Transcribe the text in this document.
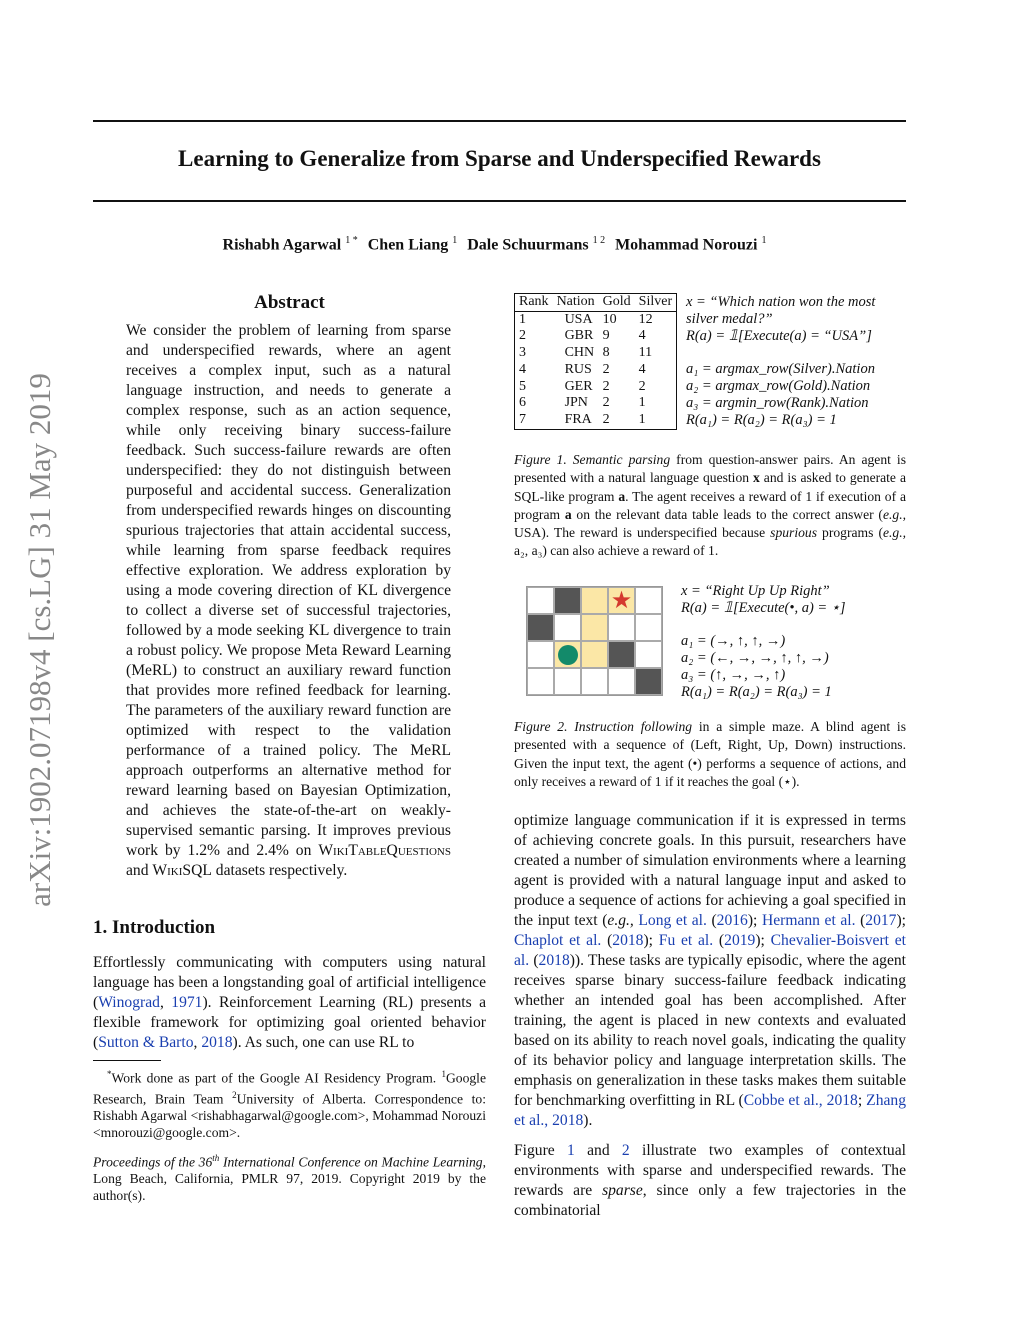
arXiv:1902.07198v4 [cs.LG] 31 May 2019
Learning to Generalize from Sparse and Underspecified Rewards
Rishabh Agarwal $^{1 *}$ Chen Liang $^1$ Dale Schuurmans $^{1 2}$ Mohammad Norouzi $^1$
Abstract
We consider the problem of learning from sparse and underspecified rewards, where an agent receives a complex input, such as a natural language instruction, and needs to generate a complex response, such as an action sequence, while only receiving binary success-failure feedback. Such success-failure rewards are often underspecified: they do not distinguish between purposeful and accidental success. Generalization from underspecified rewards hinges on discounting spurious trajectories that attain accidental success, while learning from sparse feedback requires effective exploration. We address exploration by using a mode covering direction of KL divergence to collect a diverse set of successful trajectories, followed by a mode seeking KL divergence to train a robust policy. We propose Meta Reward Learning (MeRL) to construct an auxiliary reward function that provides more refined feedback for learning. The parameters of the auxiliary reward function are optimized with respect to the validation performance of a trained policy. The MeRL approach outperforms an alternative method for reward learning based on Bayesian Optimization, and achieves the state-of-the-art on weakly-supervised semantic parsing. It improves previous work by 1.2% and 2.4% on WikiTableQuestions and WikiSQL datasets respectively.
1. Introduction
Effortlessly communicating with computers using natural language has been a longstanding goal of artificial intelligence (Winograd, 1971). Reinforcement Learning (RL) presents a flexible framework for optimizing goal oriented behavior (Sutton & Barto, 2018). As such, one can use RL to
*Work done as part of the Google AI Residency Program. $^1$Google Research, Brain Team $^2$University of Alberta. Correspondence to: Rishabh Agarwal <rishabhagarwal@google.com>, Mohammad Norouzi <mnorouzi@google.com>.
Proceedings of the 36th International Conference on Machine Learning, Long Beach, California, PMLR 97, 2019. Copyright 2019 by the author(s).
Rank	Nation	Gold	Silver
1	USA	10	12
2	GBR	9	4
3	CHN	8	11
4	RUS	2	4
5	GER	2	2
6	JPN	2	1
7	FRA	2	1
x = “Which nation won the most
silver medal?”
R(a) = 𝟙[Execute(a) = “USA”]

a₁ = argmax_row(Silver).Nation
a₂ = argmax_row(Gold).Nation
a₃ = argmin_row(Rank).Nation
R(a₁) = R(a₂) = R(a₃) = 1
Figure 1. Semantic parsing from question-answer pairs. An agent is presented with a natural language question x and is asked to generate a SQL-like program a. The agent receives a reward of 1 if execution of a program a on the relevant data table leads to the correct answer (e.g., USA). The reward is underspecified because spurious programs (e.g., a₂, a₃) can also achieve a reward of 1.
★	x = “Right Up Up Right”
R(a) = 𝟙[Execute(•, a) = ⋆]

a₁ = (→, ↑, ↑, →)
a₂ = (←, →, →, ↑, ↑, →)
a₃ = (↑, →, →, ↑)
R(a₁) = R(a₂) = R(a₃) = 1
Figure 2. Instruction following in a simple maze. A blind agent is presented with a sequence of (Left, Right, Up, Down) instructions. Given the input text, the agent (•) performs a sequence of actions, and only receives a reward of 1 if it reaches the goal (⋆).
optimize language communication if it is expressed in terms of achieving concrete goals. In this pursuit, researchers have created a number of simulation environments where a learning agent is provided with a natural language input and asked to produce a sequence of actions for achieving a goal specified in the input text (e.g., Long et al. (2016); Hermann et al. (2017); Chaplot et al. (2018); Fu et al. (2019); Chevalier-Boisvert et al. (2018)). These tasks are typically episodic, where the agent receives sparse binary success-failure feedback indicating whether an intended goal has been accomplished. After training, the agent is placed in new contexts and evaluated based on its ability to reach novel goals, indicating the quality of its behavior policy and language interpretation skills. The emphasis on generalization in these tasks makes them suitable for benchmarking overfitting in RL (Cobbe et al., 2018; Zhang et al., 2018).
Figure 1 and 2 illustrate two examples of contextual environments with sparse and underspecified rewards. The rewards are sparse, since only a few trajectories in the combinatorial
